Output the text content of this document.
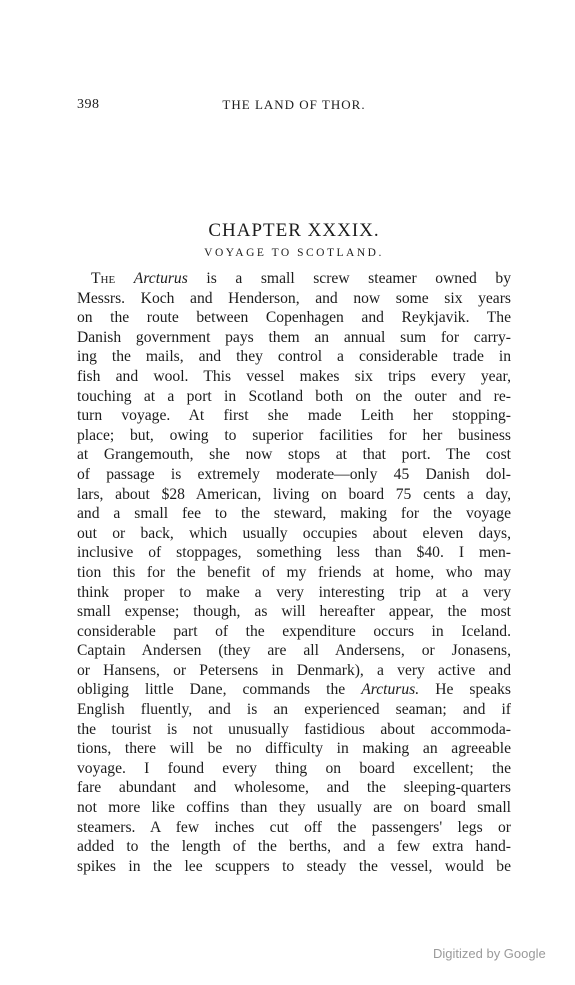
398	THE LAND OF THOR.
CHAPTER XXXIX.
VOYAGE TO SCOTLAND.
The Arcturus is a small screw steamer owned by
Messrs. Koch and Henderson, and now some six years
on the route between Copenhagen and Reykjavik. The
Danish government pays them an annual sum for carry-
ing the mails, and they control a considerable trade in
fish and wool. This vessel makes six trips every year,
touching at a port in Scotland both on the outer and re-
turn voyage. At first she made Leith her stopping-
place; but, owing to superior facilities for her business
at Grangemouth, she now stops at that port. The cost
of passage is extremely moderate—only 45 Danish dol-
lars, about $28 American, living on board 75 cents a day,
and a small fee to the steward, making for the voyage
out or back, which usually occupies about eleven days,
inclusive of stoppages, something less than $40. I men-
tion this for the benefit of my friends at home, who may
think proper to make a very interesting trip at a very
small expense; though, as will hereafter appear, the most
considerable part of the expenditure occurs in Iceland.
Captain Andersen (they are all Andersens, or Jonasens,
or Hansens, or Petersens in Denmark), a very active and
obliging little Dane, commands the Arcturus. He speaks
English fluently, and is an experienced seaman; and if
the tourist is not unusually fastidious about accommoda-
tions, there will be no difficulty in making an agreeable
voyage. I found every thing on board excellent; the
fare abundant and wholesome, and the sleeping-quarters
not more like coffins than they usually are on board small
steamers. A few inches cut off the passengers' legs or
added to the length of the berths, and a few extra hand-
spikes in the lee scuppers to steady the vessel, would be
Digitized by Google
